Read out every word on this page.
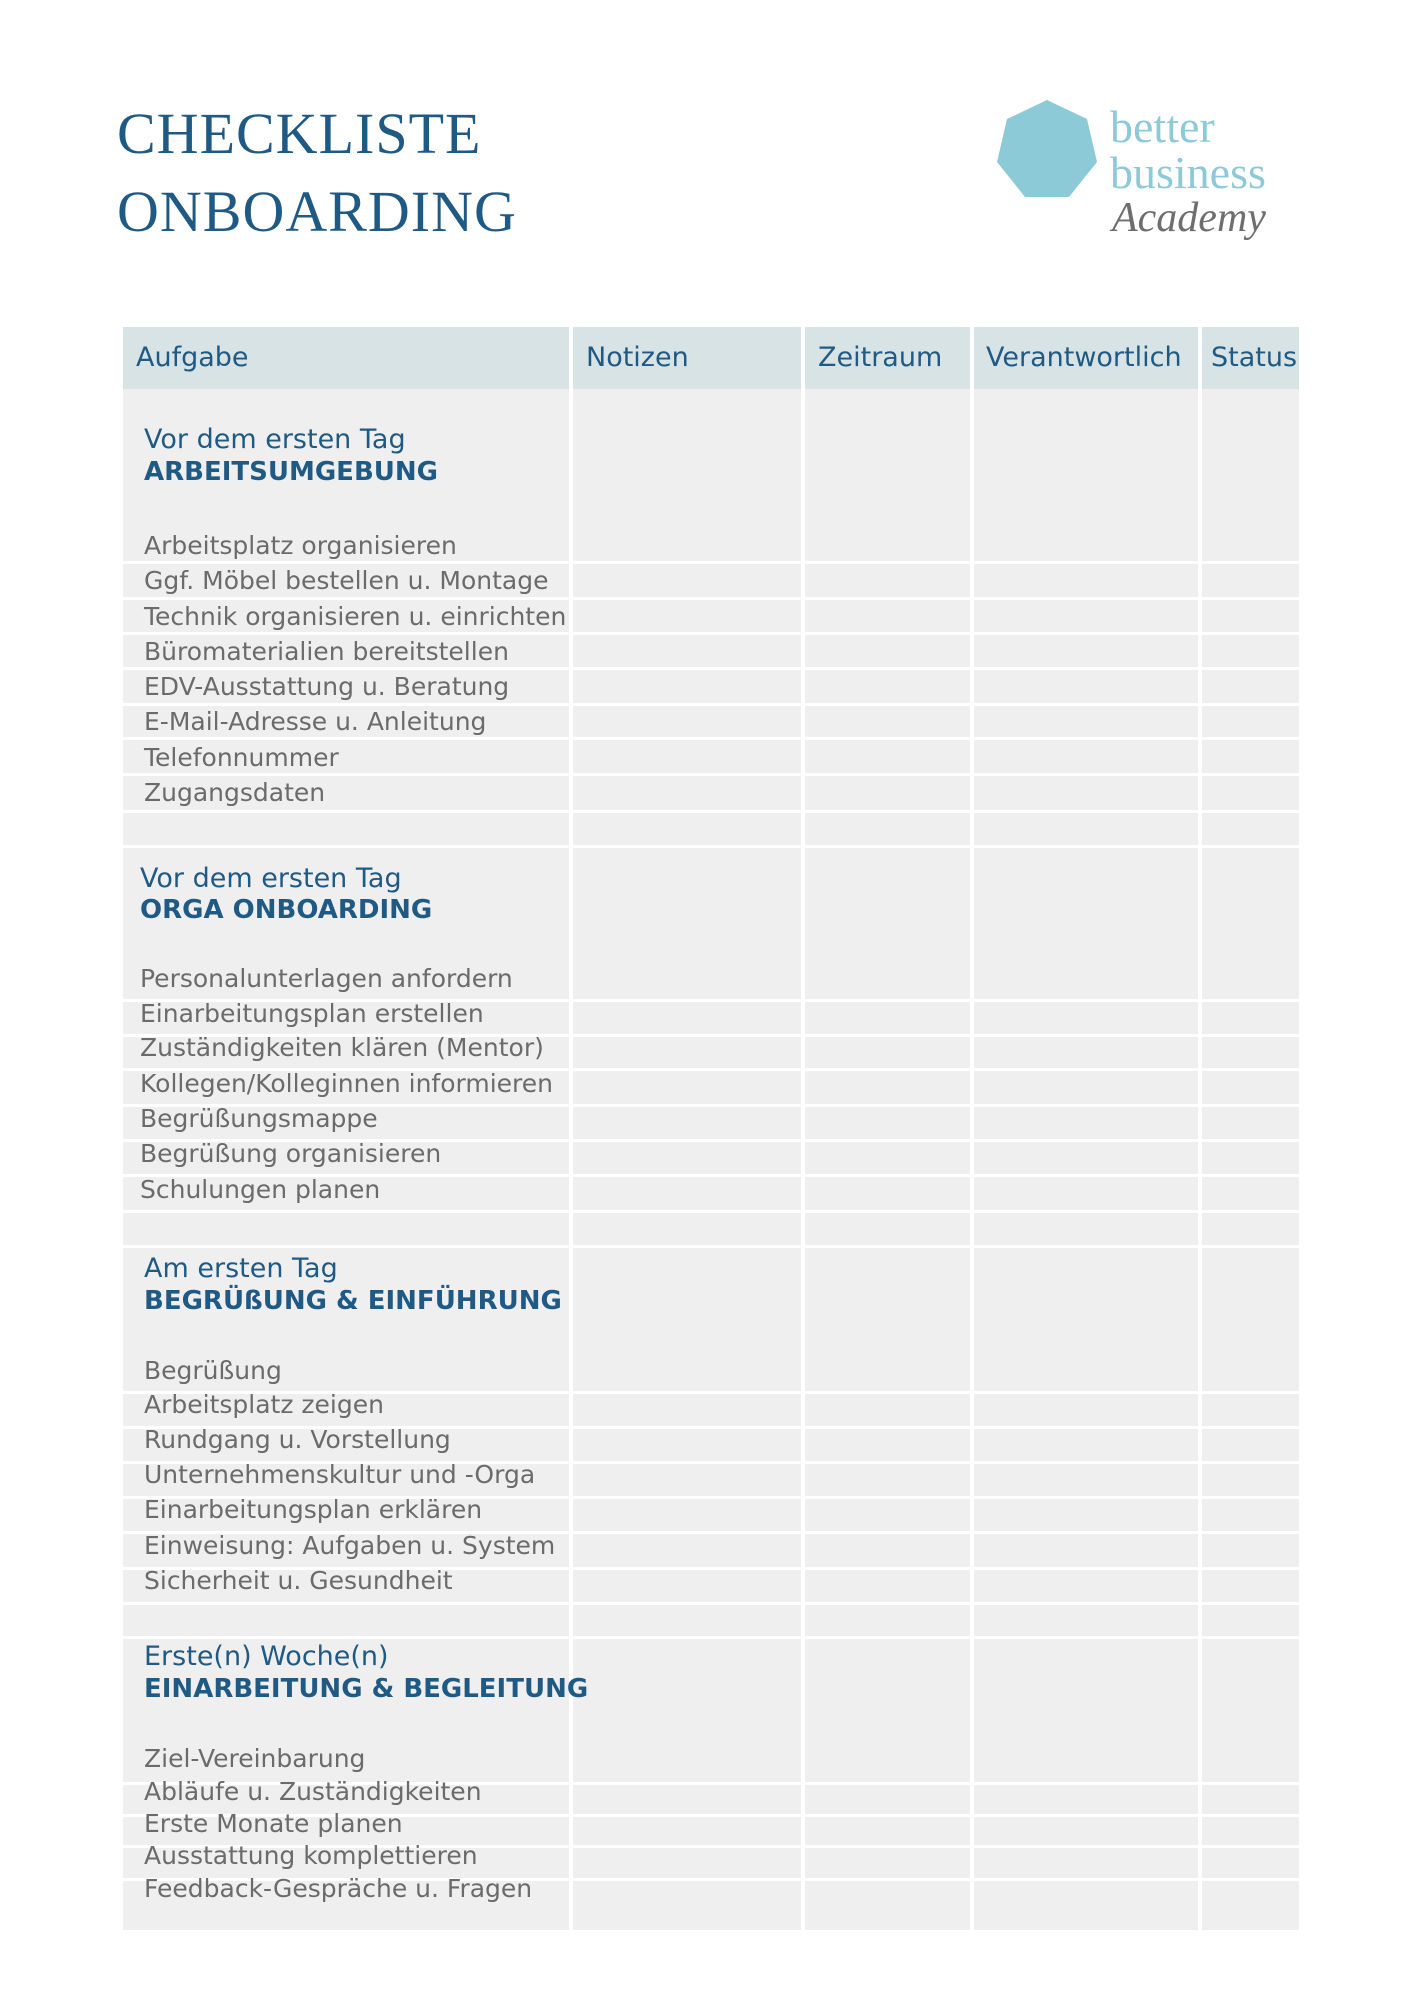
CHECKLISTE
ONBOARDING
better
business
Academy
Aufgabe	Notizen	Zeitraum	Verantwortlich	Status
Vor dem ersten Tag
ARBEITSUMGEBUNG
Arbeitsplatz organisieren
Ggf. Möbel bestellen u. Montage
Technik organisieren u. einrichten
Büromaterialien bereitstellen
EDV-Ausstattung u. Beratung
E-Mail-Adresse u. Anleitung
Telefonnummer
Zugangsdaten
Vor dem ersten Tag
ORGA ONBOARDING
Personalunterlagen anfordern
Einarbeitungsplan erstellen
Zuständigkeiten klären (Mentor)
Kollegen/Kolleginnen informieren
Begrüßungsmappe
Begrüßung organisieren
Schulungen planen
Am ersten Tag
BEGRÜßUNG & EINFÜHRUNG
Begrüßung
Arbeitsplatz zeigen
Rundgang u. Vorstellung
Unternehmenskultur und -Orga
Einarbeitungsplan erklären
Einweisung: Aufgaben u. System
Sicherheit u. Gesundheit
Erste(n) Woche(n)
EINARBEITUNG & BEGLEITUNG
Ziel-Vereinbarung
Abläufe u. Zuständigkeiten
Erste Monate planen
Ausstattung komplettieren
Feedback-Gespräche u. Fragen
